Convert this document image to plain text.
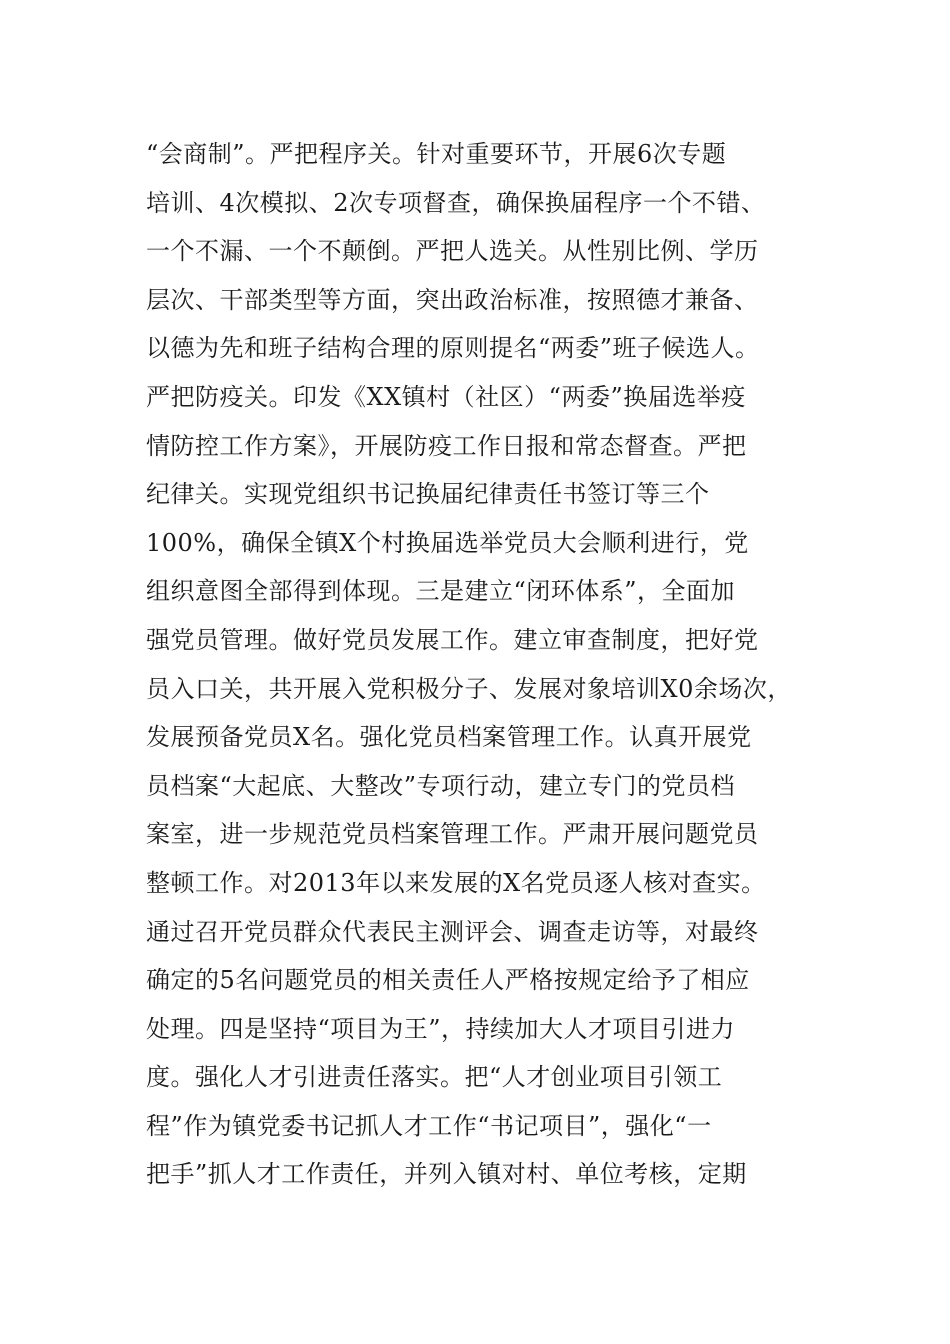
“会商制”。严把程序关。针对重要环节，开展6次专题
培训、4次模拟、2次专项督查，确保换届程序一个不错、
一个不漏、一个不颠倒。严把人选关。从性别比例、学历
层次、干部类型等方面，突出政治标准，按照德才兼备、
以德为先和班子结构合理的原则提名“两委”班子候选人。
严把防疫关。印发《XX镇村（社区）“两委”换届选举疫
情防控工作方案》，开展防疫工作日报和常态督查。严把
纪律关。实现党组织书记换届纪律责任书签订等三个
100%，确保全镇X个村换届选举党员大会顺利进行，党
组织意图全部得到体现。三是建立“闭环体系”，全面加
强党员管理。做好党员发展工作。建立审查制度，把好党
员入口关，共开展入党积极分子、发展对象培训X0余场次，
发展预备党员X名。强化党员档案管理工作。认真开展党
员档案“大起底、大整改”专项行动，建立专门的党员档
案室，进一步规范党员档案管理工作。严肃开展问题党员
整顿工作。对2013年以来发展的X名党员逐人核对查实。
通过召开党员群众代表民主测评会、调查走访等，对最终
确定的5名问题党员的相关责任人严格按规定给予了相应
处理。四是坚持“项目为王”，持续加大人才项目引进力
度。强化人才引进责任落实。把“人才创业项目引领工
程”作为镇党委书记抓人才工作“书记项目”，强化“一
把手”抓人才工作责任，并列入镇对村、单位考核，定期
